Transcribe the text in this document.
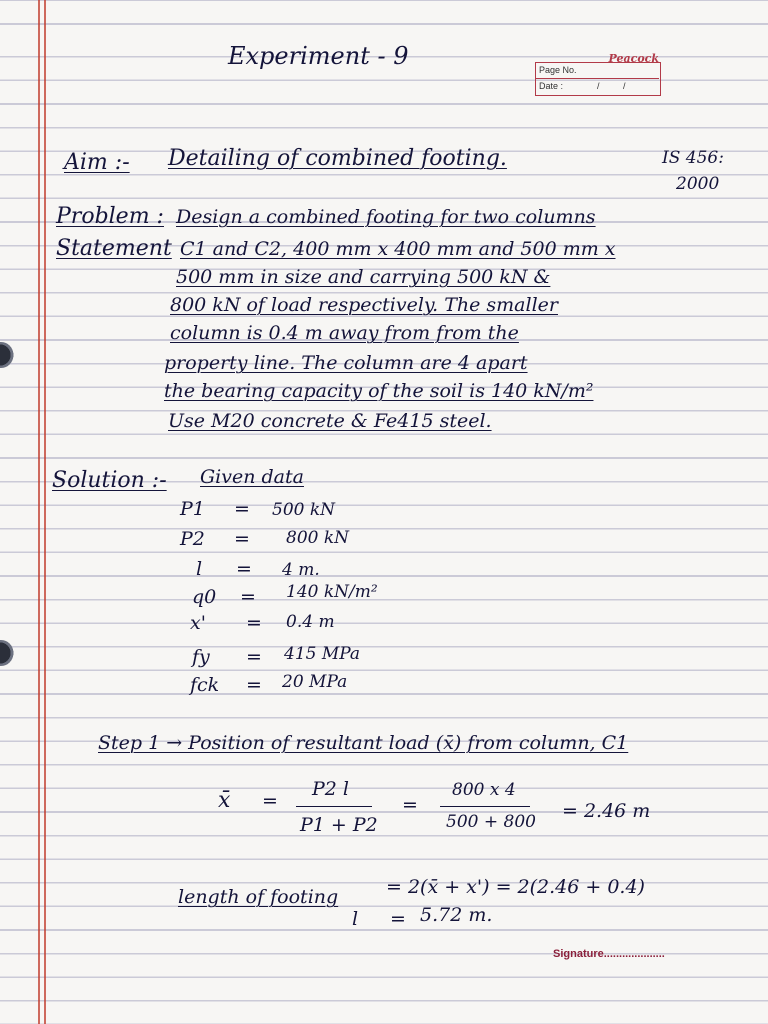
Experiment - 9	Peacock
Page No.
Date :	/	/
Aim :- Detailing of combined footing.	IS 456:
2000
Problem :
Statement
Design a combined footing for two columns
C1 and C2, 400 mm x 400 mm and 500 mm x
500 mm in size and carrying 500 kN &
800 kN of load respectively. The smaller
column is 0.4 m away from from the
property line. The column are 4 apart
the bearing capacity of the soil is 140 kN/m²
Use M20 concrete & Fe415 steel.
Solution :- Given data
P1 = 500 kN
P2 = 800 kN
l = 4 m.
q0 = 140 kN/m²
x' = 0.4 m
fy = 415 MPa
fck = 20 MPa
Step 1 → Position of resultant load (x̄) from column, C1
x̄ =
P2 l
P1 + P2
=
800 x 4
500 + 800 = 2.46 m
length of footing	= 2(x̄ + x') = 2(2.46 + 0.4)
l = 5.72 m.
Signature....................
